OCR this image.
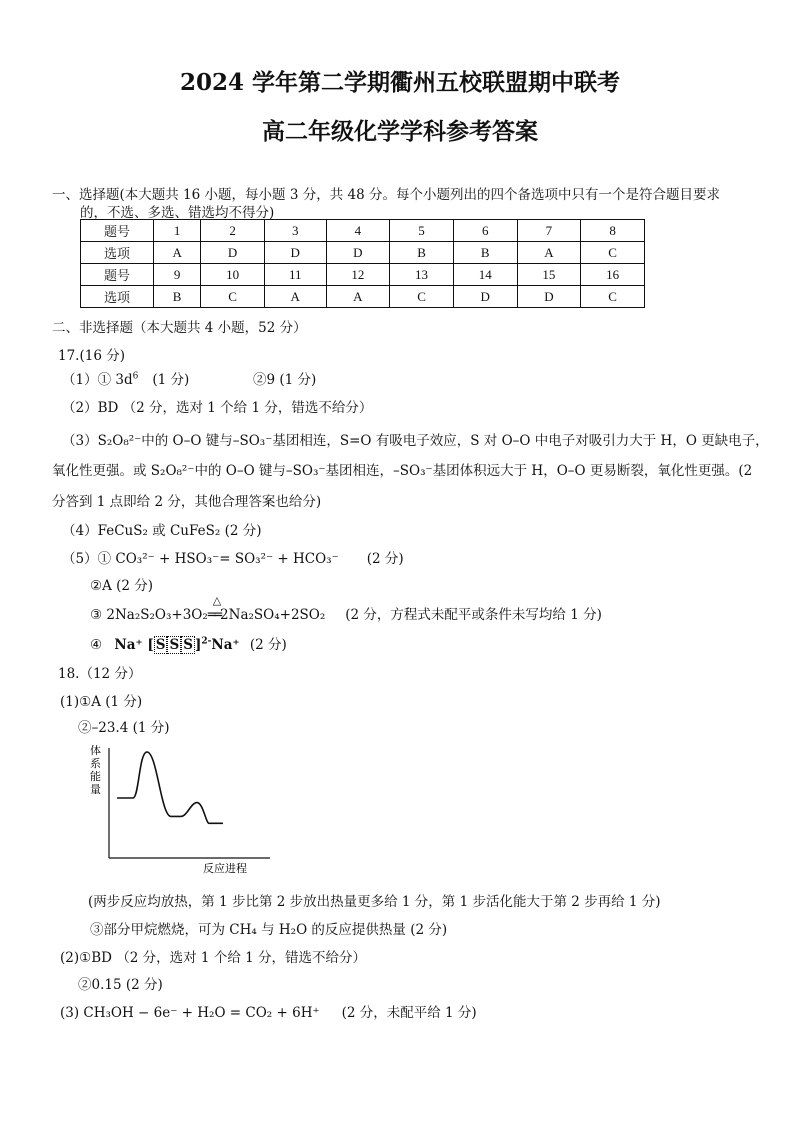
2024 学年第二学期衢州五校联盟期中联考
高二年级化学学科参考答案
一、选择题(本大题共 16 小题，每小题 3 分，共 48 分。每个小题列出的四个备选项中只有一个是符合题目要求
的，不选、多选、错选均不得分)
题号	1	2	3	4	5	6	7	8
选项	A	D	D	D	B	B	A	C
题号	9	10	11	12	13	14	15	16
选项	B	C	A	A	C	D	D	C
二、非选择题（本大题共 4 小题，52 分）
17.(16 分)
（1）① $3d^6$ (1 分)	②9 (1 分)
（2）BD （2 分，选对 1 个给 1 分，错选不给分）
（3）S₂O₈²⁻中的 O–O 键与–SO₃⁻基团相连，S=O 有吸电子效应，S 对 O–O 中电子对吸引力大于 H，O 更缺电子，
氧化性更强。或 S₂O₈²⁻中的 O–O 键与–SO₃⁻基团相连，–SO₃⁻基团体积远大于 H，O–O 更易断裂，氧化性更强。(2
分答到 1 点即给 2 分，其他合理答案也给分)
（4）FeCuS₂ 或 CuFeS₂ (2 分)
（5）① CO₃²⁻ + HSO₃⁻= SO₃²⁻ + HCO₃⁻ (2 分)
②A (2 分)
③ 2Na₂S₂O₃+3O₂
△
══2Na₂SO₄+2SO₂ (2 分，方程式未配平或条件未写均给 1 分)
④ Na⁺ [ S S S ]$^{2-}$Na⁺ (2 分)
18.（12 分）
(1)①A (1 分)
②–23.4 (1 分)
体
系
能
量
反应进程
(两步反应均放热，第 1 步比第 2 步放出热量更多给 1 分，第 1 步活化能大于第 2 步再给 1 分)
③部分甲烷燃烧，可为 CH₄ 与 H₂O 的反应提供热量 (2 分)
(2)①BD （2 分，选对 1 个给 1 分，错选不给分）
②0.15 (2 分)
(3) CH₃OH − 6e⁻ + H₂O = CO₂ + 6H⁺ (2 分，未配平给 1 分)
